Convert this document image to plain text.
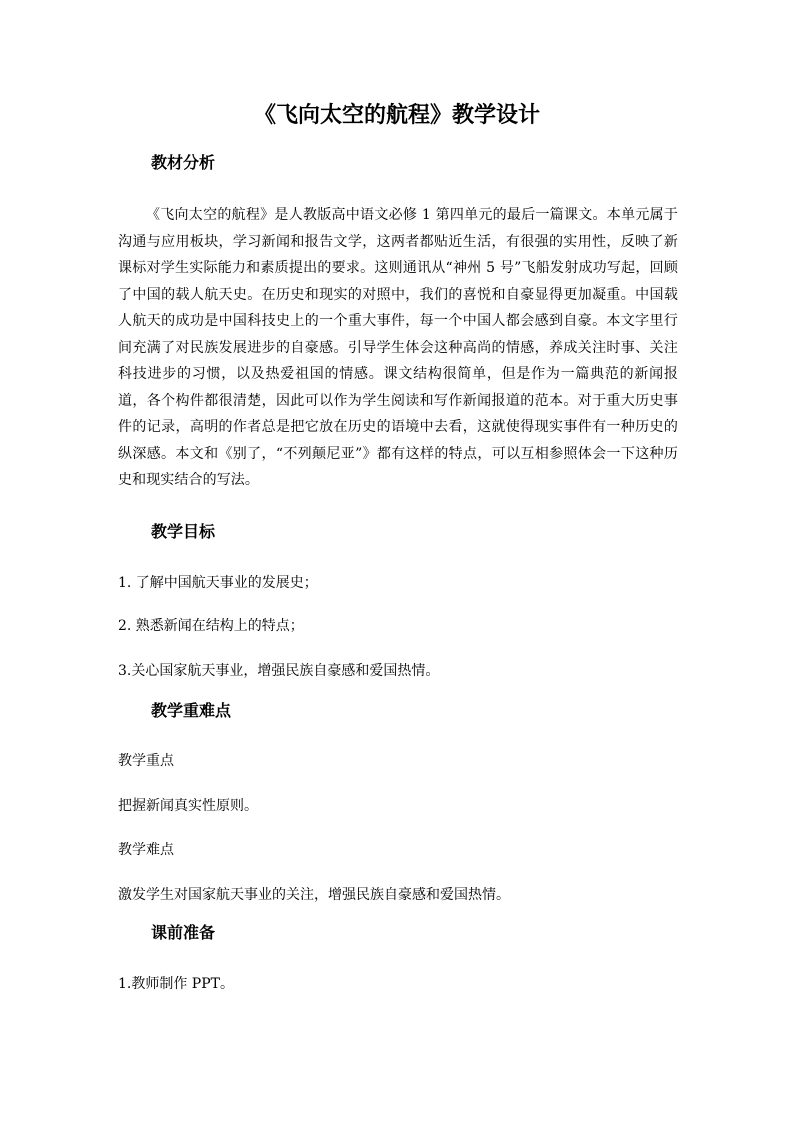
《飞向太空的航程》教学设计
教材分析
《飞向太空的航程》是人教版高中语文必修 1 第四单元的最后一篇课文。本单元属于沟通与应用板块，学习新闻和报告文学，这两者都贴近生活，有很强的实用性，反映了新课标对学生实际能力和素质提出的要求。这则通讯从“神州 5 号”飞船发射成功写起，回顾了中国的载人航天史。在历史和现实的对照中，我们的喜悦和自豪显得更加凝重。中国载人航天的成功是中国科技史上的一个重大事件，每一个中国人都会感到自豪。本文字里行间充满了对民族发展进步的自豪感。引导学生体会这种高尚的情感，养成关注时事、关注科技进步的习惯，以及热爱祖国的情感。课文结构很简单，但是作为一篇典范的新闻报道，各个构件都很清楚，因此可以作为学生阅读和写作新闻报道的范本。对于重大历史事件的记录，高明的作者总是把它放在历史的语境中去看，这就使得现实事件有一种历史的纵深感。本文和《别了，“不列颠尼亚”》都有这样的特点，可以互相参照体会一下这种历史和现实结合的写法。
教学目标
1. 了解中国航天事业的发展史；
2. 熟悉新闻在结构上的特点；
3.关心国家航天事业，增强民族自豪感和爱国热情。
教学重难点
教学重点
把握新闻真实性原则。
教学难点
激发学生对国家航天事业的关注，增强民族自豪感和爱国热情。
课前准备
1.教师制作 PPT。
